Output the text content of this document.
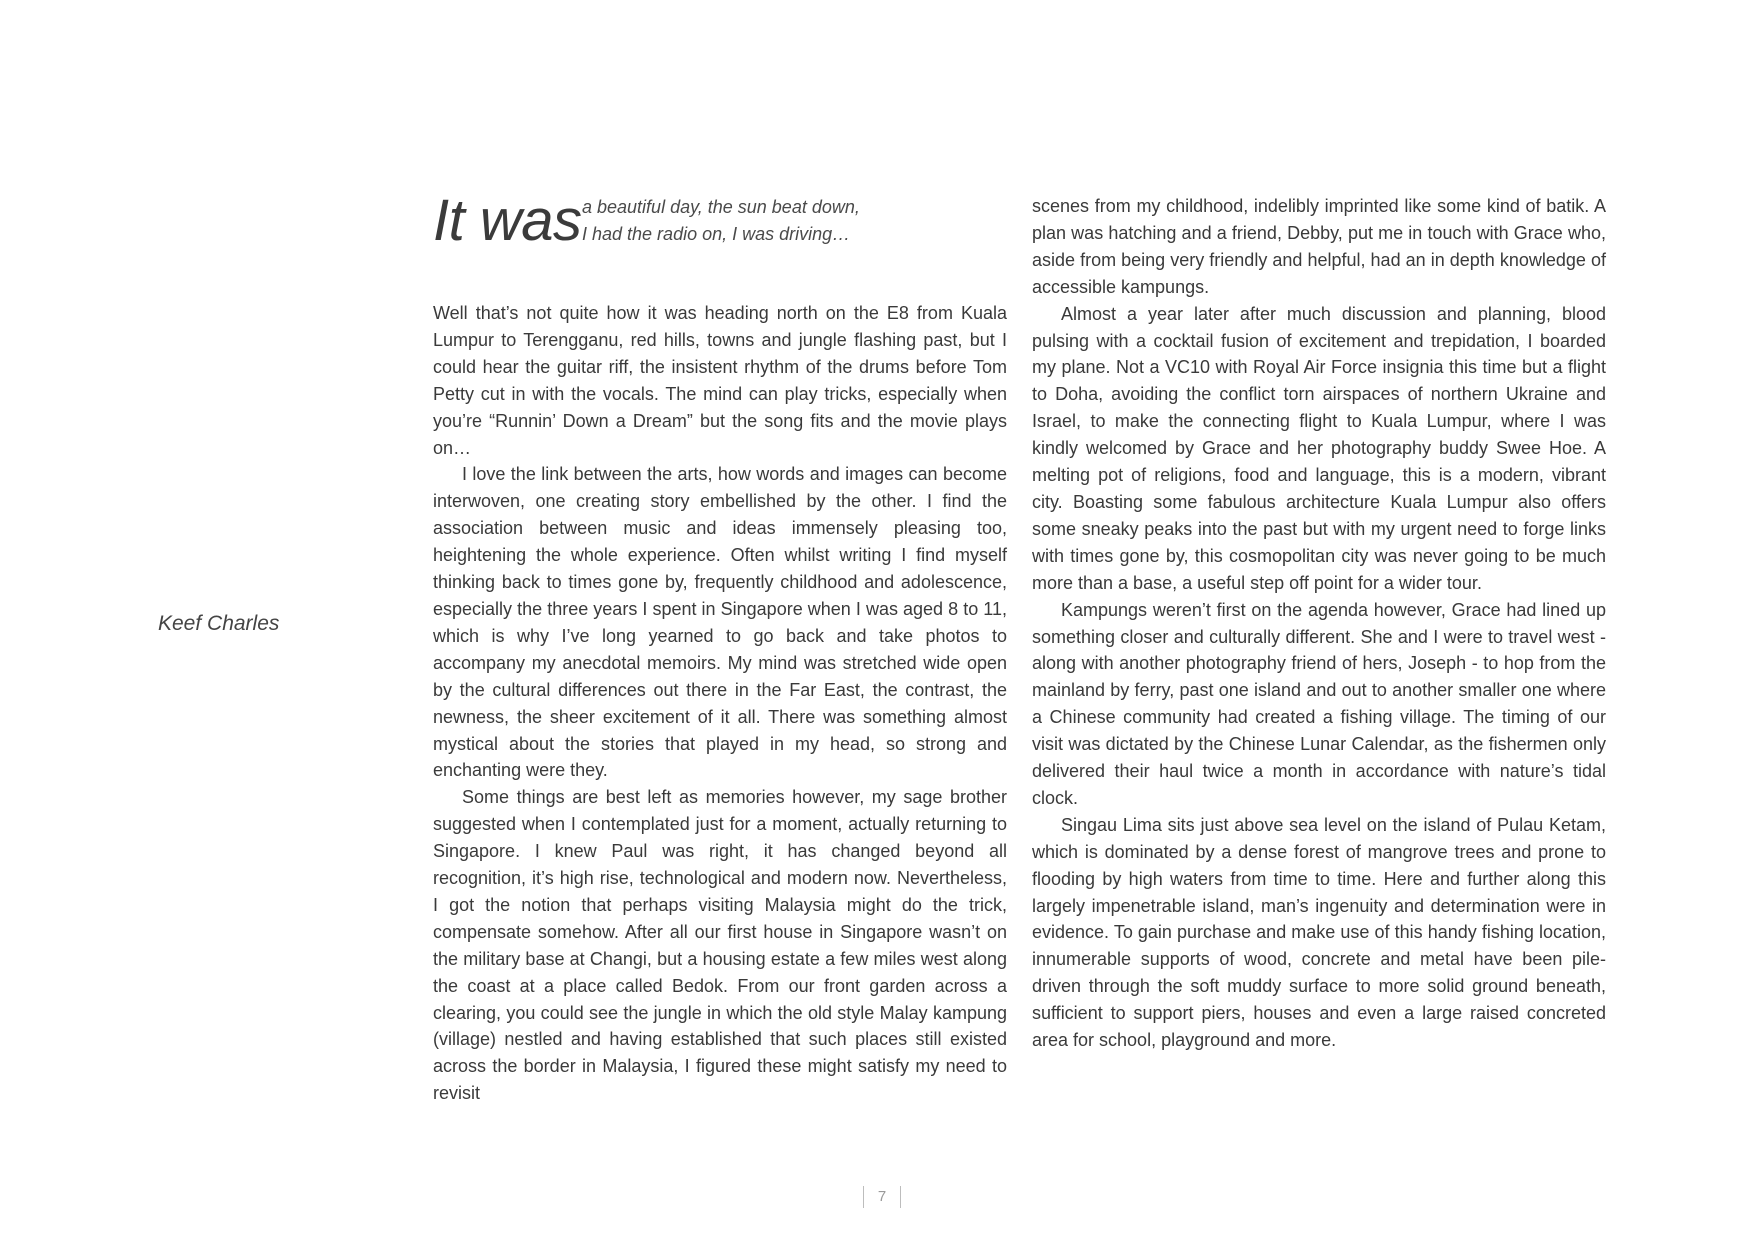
Keef Charles

It was a beautiful day, the sun beat down,
I had the radio on, I was driving…

Well that’s not quite how it was heading north on the E8 from Kuala Lumpur to Terengganu, red hills, towns and jungle flashing past, but I could hear the guitar riff, the insistent rhythm of the drums before Tom Petty cut in with the vocals. The mind can play tricks, especially when you’re “Runnin’ Down a Dream” but the song fits and the movie plays on…

I love the link between the arts, how words and images can become interwoven, one creating story embellished by the other. I find the association between music and ideas immensely pleasing too, heightening the whole experience. Often whilst writing I find myself thinking back to times gone by, frequently childhood and adolescence, especially the three years I spent in Singapore when I was aged 8 to 11, which is why I’ve long yearned to go back and take photos to accompany my anecdotal memoirs. My mind was stretched wide open by the cultural differences out there in the Far East, the contrast, the newness, the sheer excitement of it all. There was something almost mystical about the stories that played in my head, so strong and enchanting were they.

Some things are best left as memories however, my sage brother suggested when I contemplated just for a moment, actually returning to Singapore. I knew Paul was right, it has changed beyond all recognition, it’s high rise, technological and modern now. Nevertheless, I got the notion that perhaps visiting Malaysia might do the trick, compensate somehow. After all our first house in Singapore wasn’t on the military base at Changi, but a housing estate a few miles west along the coast at a place called Bedok. From our front garden across a clearing, you could see the jungle in which the old style Malay kampung (village) nestled and having established that such places still existed across the border in Malaysia, I figured these might satisfy my need to revisit

scenes from my childhood, indelibly imprinted like some kind of batik. A plan was hatching and a friend, Debby, put me in touch with Grace who, aside from being very friendly and helpful, had an in depth knowledge of accessible kampungs.

Almost a year later after much discussion and planning, blood pulsing with a cocktail fusion of excitement and trepidation, I boarded my plane. Not a VC10 with Royal Air Force insignia this time but a flight to Doha, avoiding the conflict torn airspaces of northern Ukraine and Israel, to make the connecting flight to Kuala Lumpur, where I was kindly welcomed by Grace and her photography buddy Swee Hoe. A melting pot of religions, food and language, this is a modern, vibrant city. Boasting some fabulous architecture Kuala Lumpur also offers some sneaky peaks into the past but with my urgent need to forge links with times gone by, this cosmopolitan city was never going to be much more than a base, a useful step off point for a wider tour.

Kampungs weren’t first on the agenda however, Grace had lined up something closer and culturally different. She and I were to travel west - along with another photography friend of hers, Joseph - to hop from the mainland by ferry, past one island and out to another smaller one where a Chinese community had created a fishing village. The timing of our visit was dictated by the Chinese Lunar Calendar, as the fishermen only delivered their haul twice a month in accordance with nature’s tidal clock.

Singau Lima sits just above sea level on the island of Pulau Ketam, which is dominated by a dense forest of mangrove trees and prone to flooding by high waters from time to time. Here and further along this largely impenetrable island, man’s ingenuity and determination were in evidence. To gain purchase and make use of this handy fishing location, innumerable supports of wood, concrete and metal have been pile-driven through the soft muddy surface to more solid ground beneath, sufficient to support piers, houses and even a large raised concreted area for school, playground and more.

7
